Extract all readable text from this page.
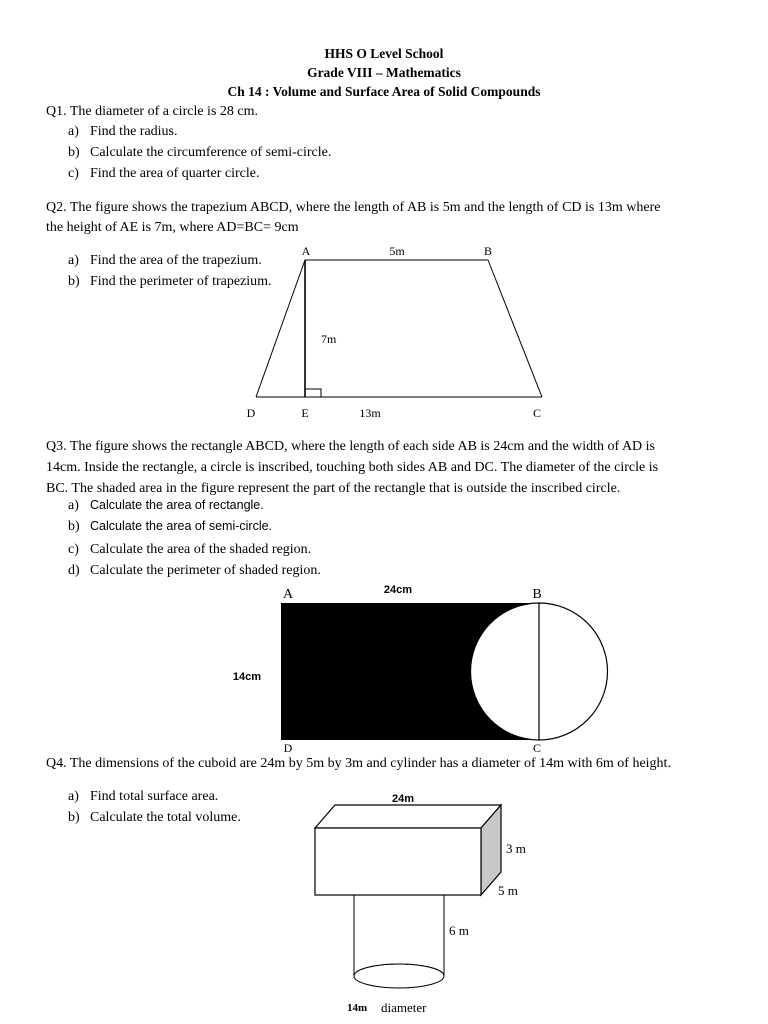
HHS O Level School
Grade VIII – Mathematics
Ch 14 : Volume and Surface Area of Solid Compounds
Q1. The diameter of a circle is 28 cm.
a) Find the radius.
b) Calculate the circumference of semi-circle.
c) Find the area of quarter circle.
Q2. The figure shows the trapezium ABCD, where the length of AB is 5m and the length of CD is 13m where
the height of AE is 7m, where AD=BC= 9cm
a) Find the area of the trapezium.
b) Find the perimeter of trapezium.
A	5m	B
7m
D	E	13m	C
Q3. The figure shows the rectangle ABCD, where the length of each side AB is 24cm and the width of AD is
14cm. Inside the rectangle, a circle is inscribed, touching both sides AB and DC. The diameter of the circle is
BC. The shaded area in the figure represent the part of the rectangle that is outside the inscribed circle.
a) Calculate the area of rectangle.
b) Calculate the area of semi-circle.
c) Calculate the area of the shaded region.
d) Calculate the perimeter of shaded region.
A	24cm	B
14cm
D	C
Q4. The dimensions of the cuboid are 24m by 5m by 3m and cylinder has a diameter of 14m with 6m of height.
a) Find total surface area.
b) Calculate the total volume.
24m
3 m
5 m
6 m
14m diameter
